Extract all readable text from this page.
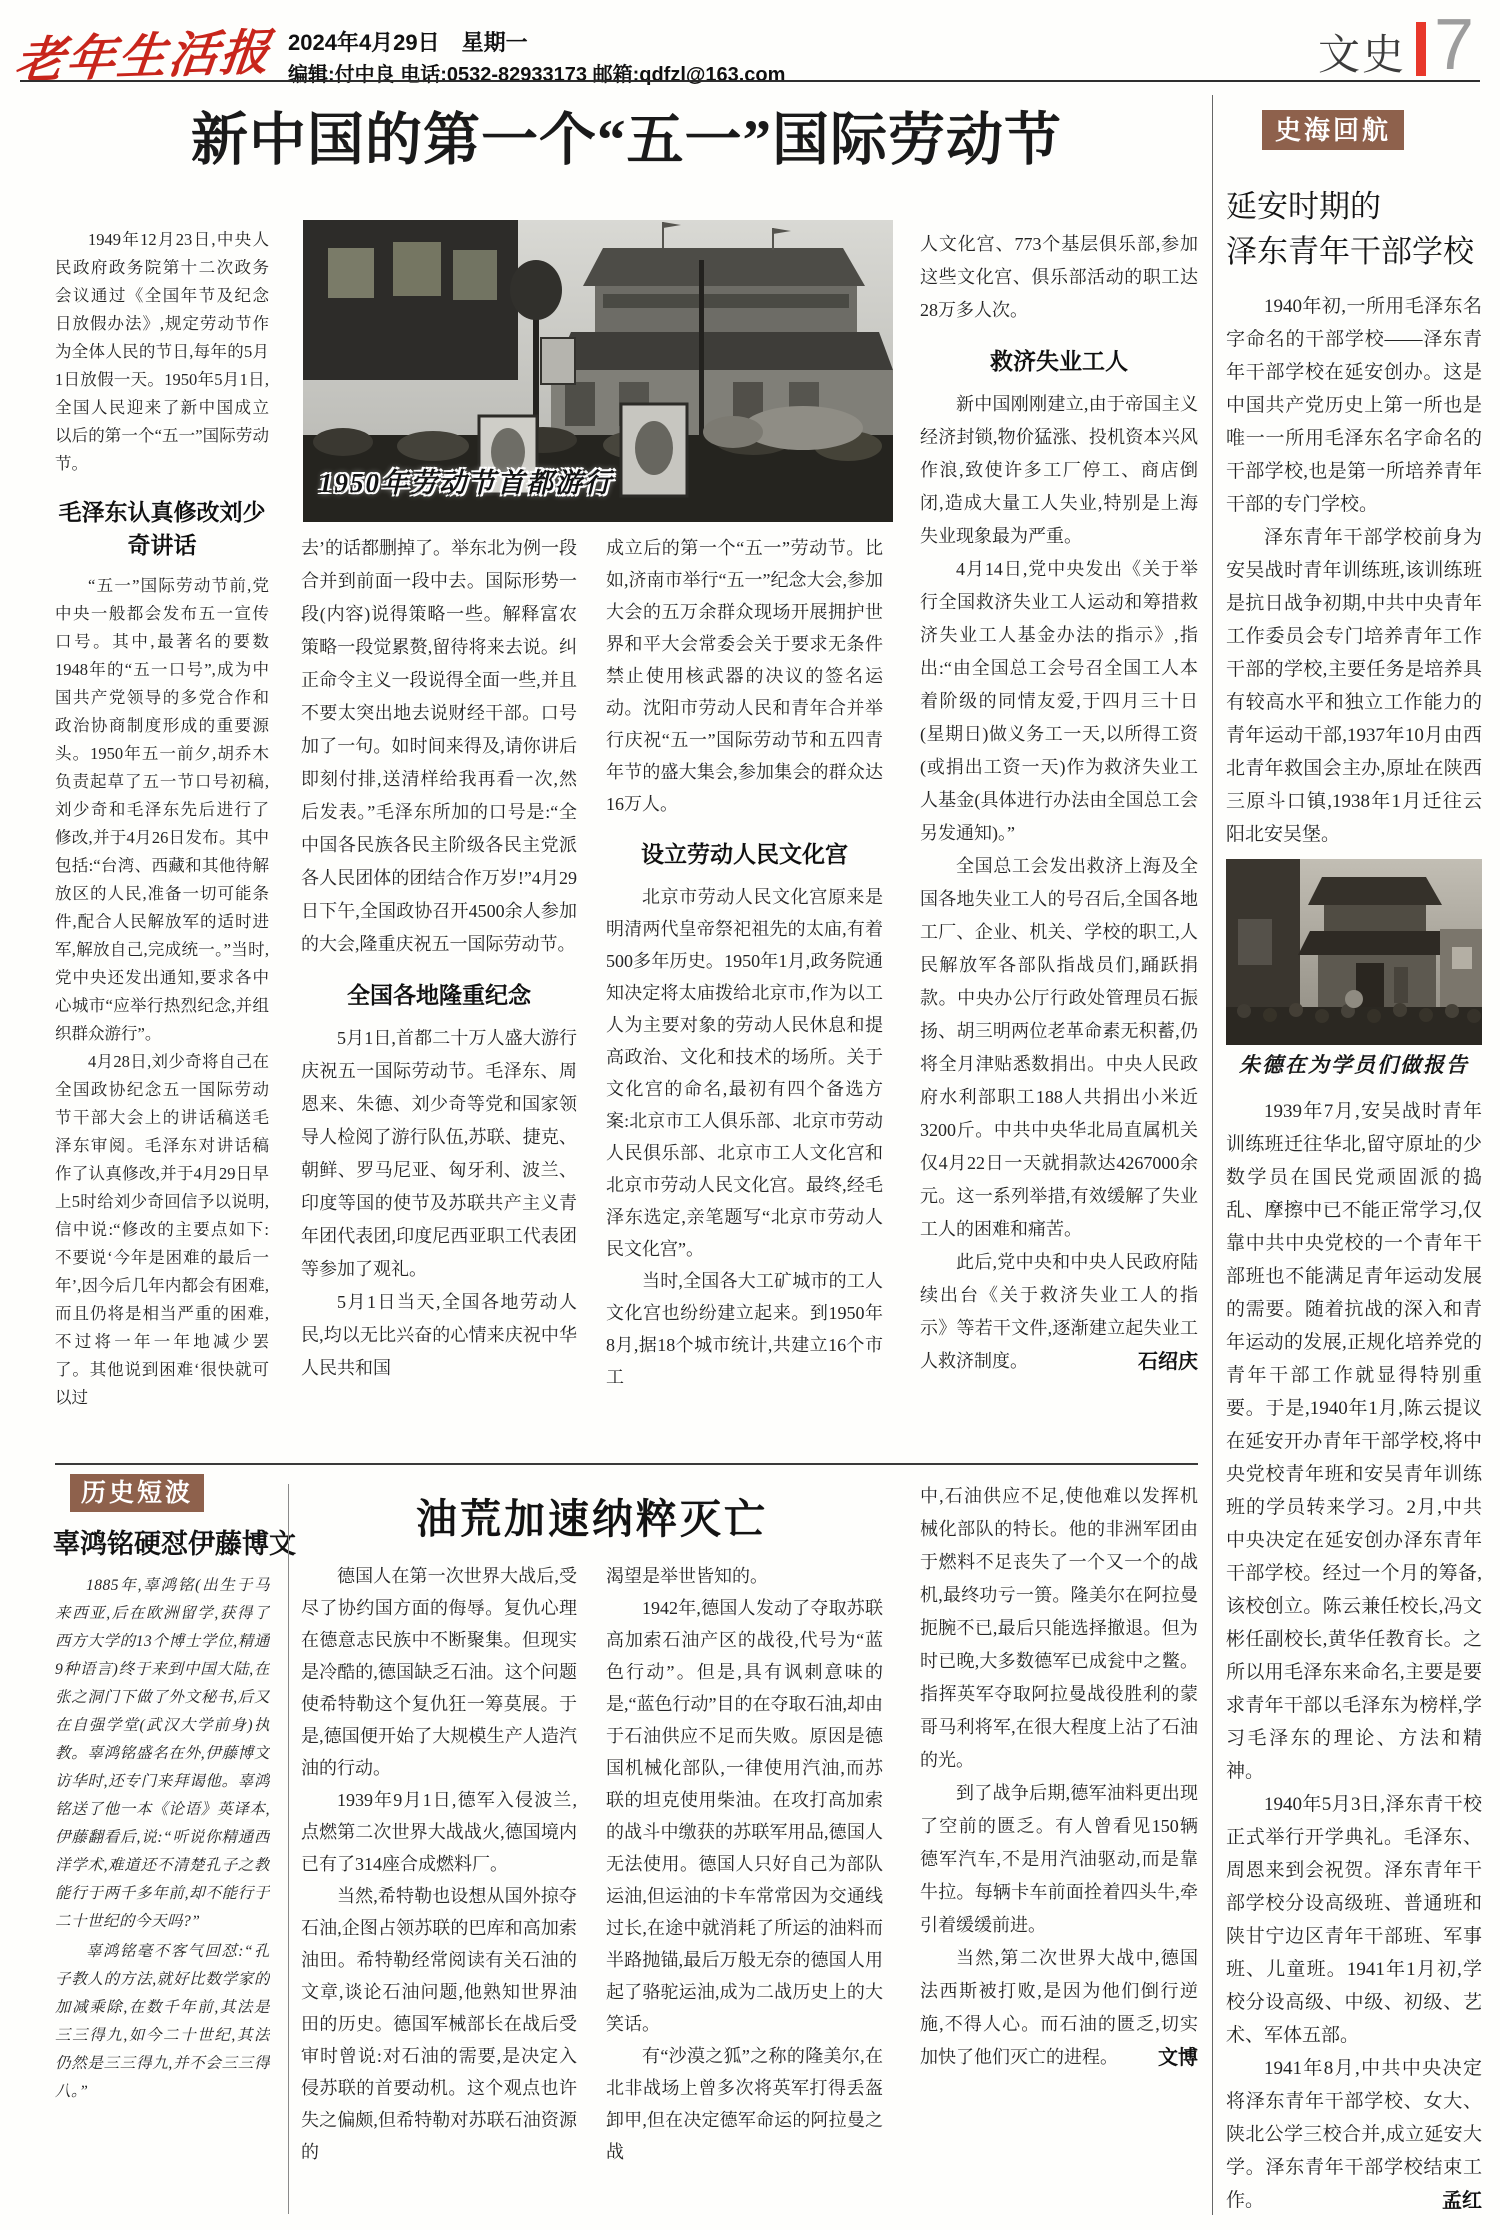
老年生活报 2024年4月29日　星期一
编辑:付中良 电话:0532-82933173 邮箱:qdfzl@163.com	文史 7
新中国的第一个“五一”国际劳动节
1950年劳动节首都游行

1949年12月23日,中央人民政府政务院第十二次政务会议通过《全国年节及纪念日放假办法》,规定劳动节作为全体人民的节日,每年的5月1日放假一天。1950年5月1日,全国人民迎来了新中国成立以后的第一个“五一”国际劳动节。

毛泽东认真修改刘少奇讲话

“五一”国际劳动节前,党中央一般都会发布五一宣传口号。其中,最著名的要数1948年的“五一口号”,成为中国共产党领导的多党合作和政治协商制度形成的重要源头。1950年五一前夕,胡乔木负责起草了五一节口号初稿,刘少奇和毛泽东先后进行了修改,并于4月26日发布。其中包括:“台湾、西藏和其他待解放区的人民,准备一切可能条件,配合人民解放军的适时进军,解放自己,完成统一。”当时,党中央还发出通知,要求各中心城市“应举行热烈纪念,并组织群众游行”。

4月28日,刘少奇将自己在全国政协纪念五一国际劳动节干部大会上的讲话稿送毛泽东审阅。毛泽东对讲话稿作了认真修改,并于4月29日早上5时给刘少奇回信予以说明,信中说:“修改的主要点如下:不要说‘今年是困难的最后一年’,因今后几年内都会有困难,而且仍将是相当严重的困难,不过将一年一年地减少罢了。其他说到困难‘很快就可以过

去’的话都删掉了。举东北为例一段合并到前面一段中去。国际形势一段(内容)说得策略一些。解释富农策略一段觉累赘,留待将来去说。纠正命令主义一段说得全面一些,并且不要太突出地去说财经干部。口号加了一句。如时间来得及,请你讲后即刻付排,送清样给我再看一次,然后发表。”毛泽东所加的口号是:“全中国各民族各民主阶级各民主党派各人民团体的团结合作万岁!”4月29日下午,全国政协召开4500余人参加的大会,隆重庆祝五一国际劳动节。

全国各地隆重纪念

5月1日,首都二十万人盛大游行庆祝五一国际劳动节。毛泽东、周恩来、朱德、刘少奇等党和国家领导人检阅了游行队伍,苏联、捷克、朝鲜、罗马尼亚、匈牙利、波兰、印度等国的使节及苏联共产主义青年团代表团,印度尼西亚职工代表团等参加了观礼。

5月1日当天,全国各地劳动人民,均以无比兴奋的心情来庆祝中华人民共和国

成立后的第一个“五一”劳动节。比如,济南市举行“五一”纪念大会,参加大会的五万余群众现场开展拥护世界和平大会常委会关于要求无条件禁止使用核武器的决议的签名运动。沈阳市劳动人民和青年合并举行庆祝“五一”国际劳动节和五四青年节的盛大集会,参加集会的群众达16万人。

设立劳动人民文化宫

北京市劳动人民文化宫原来是明清两代皇帝祭祀祖先的太庙,有着500多年历史。1950年1月,政务院通知决定将太庙拨给北京市,作为以工人为主要对象的劳动人民休息和提高政治、文化和技术的场所。关于文化宫的命名,最初有四个备选方案:北京市工人俱乐部、北京市劳动人民俱乐部、北京市工人文化宫和北京市劳动人民文化宫。最终,经毛泽东选定,亲笔题写“北京市劳动人民文化宫”。

当时,全国各大工矿城市的工人文化宫也纷纷建立起来。到1950年8月,据18个城市统计,共建立16个市工

人文化宫、773个基层俱乐部,参加这些文化宫、俱乐部活动的职工达28万多人次。

救济失业工人

新中国刚刚建立,由于帝国主义经济封锁,物价猛涨、投机资本兴风作浪,致使许多工厂停工、商店倒闭,造成大量工人失业,特别是上海失业现象最为严重。

4月14日,党中央发出《关于举行全国救济失业工人运动和筹措救济失业工人基金办法的指示》,指出:“由全国总工会号召全国工人本着阶级的同情友爱,于四月三十日(星期日)做义务工一天,以所得工资(或捐出工资一天)作为救济失业工人基金(具体进行办法由全国总工会另发通知)。”

全国总工会发出救济上海及全国各地失业工人的号召后,全国各地工厂、企业、机关、学校的职工,人民解放军各部队指战员们,踊跃捐款。中央办公厅行政处管理员石振扬、胡三明两位老革命素无积蓄,仍将全月津贴悉数捐出。中央人民政府水利部职工188人共捐出小米近3200斤。中共中央华北局直属机关仅4月22日一天就捐款达4267000余元。这一系列举措,有效缓解了失业工人的困难和痛苦。

此后,党中央和中央人民政府陆续出台《关于救济失业工人的指示》等若干文件,逐渐建立起失业工人救济制度。	石绍庆

历史短波
辜鸿铭硬怼伊藤博文

1885年,辜鸿铭(出生于马来西亚,后在欧洲留学,获得了西方大学的13个博士学位,精通9种语言)终于来到中国大陆,在张之洞门下做了外文秘书,后又在自强学堂(武汉大学前身)执教。辜鸿铭盛名在外,伊藤博文访华时,还专门来拜谒他。辜鸿铭送了他一本《论语》英译本,伊藤翻看后,说:“听说你精通西洋学术,难道还不清楚孔子之教能行于两千多年前,却不能行于二十世纪的今天吗?”

辜鸿铭毫不客气回怼:“孔子教人的方法,就好比数学家的加减乘除,在数千年前,其法是三三得九,如今二十世纪,其法仍然是三三得九,并不会三三得八。”

油荒加速纳粹灭亡

德国人在第一次世界大战后,受尽了协约国方面的侮辱。复仇心理在德意志民族中不断聚集。但现实是冷酷的,德国缺乏石油。这个问题使希特勒这个复仇狂一筹莫展。于是,德国便开始了大规模生产人造汽油的行动。

1939年9月1日,德军入侵波兰,点燃第二次世界大战战火,德国境内已有了314座合成燃料厂。

当然,希特勒也设想从国外掠夺石油,企图占领苏联的巴库和高加索油田。希特勒经常阅读有关石油的文章,谈论石油问题,他熟知世界油田的历史。德国军械部长在战后受审时曾说:对石油的需要,是决定入侵苏联的首要动机。这个观点也许失之偏颇,但希特勒对苏联石油资源的

渴望是举世皆知的。

1942年,德国人发动了夺取苏联高加索石油产区的战役,代号为“蓝色行动”。但是,具有讽刺意味的是,“蓝色行动”目的在夺取石油,却由于石油供应不足而失败。原因是德国机械化部队,一律使用汽油,而苏联的坦克使用柴油。在攻打高加索的战斗中缴获的苏联军用品,德国人无法使用。德国人只好自己为部队运油,但运油的卡车常常因为交通线过长,在途中就消耗了所运的油料而半路抛锚,最后万般无奈的德国人用起了骆驼运油,成为二战历史上的大笑话。

有“沙漠之狐”之称的隆美尔,在北非战场上曾多次将英军打得丢盔卸甲,但在决定德军命运的阿拉曼之战

中,石油供应不足,使他难以发挥机械化部队的特长。他的非洲军团由于燃料不足丧失了一个又一个的战机,最终功亏一篑。隆美尔在阿拉曼扼腕不已,最后只能选择撤退。但为时已晚,大多数德军已成瓮中之鳖。指挥英军夺取阿拉曼战役胜利的蒙哥马利将军,在很大程度上沾了石油的光。

到了战争后期,德军油料更出现了空前的匮乏。有人曾看见150辆德军汽车,不是用汽油驱动,而是靠牛拉。每辆卡车前面拴着四头牛,牵引着缓缓前进。

当然,第二次世界大战中,德国法西斯被打败,是因为他们倒行逆施,不得人心。而石油的匮乏,切实加快了他们灭亡的进程。	文博

史海回航
延安时期的
泽东青年干部学校

1940年初,一所用毛泽东名字命名的干部学校——泽东青年干部学校在延安创办。这是中国共产党历史上第一所也是唯一一所用毛泽东名字命名的干部学校,也是第一所培养青年干部的专门学校。

泽东青年干部学校前身为安吴战时青年训练班,该训练班是抗日战争初期,中共中央青年工作委员会专门培养青年工作干部的学校,主要任务是培养具有较高水平和独立工作能力的青年运动干部,1937年10月由西北青年救国会主办,原址在陕西三原斗口镇,1938年1月迁往云阳北安吴堡。

朱德在为学员们做报告

1939年7月,安吴战时青年训练班迁往华北,留守原址的少数学员在国民党顽固派的捣乱、摩擦中已不能正常学习,仅靠中共中央党校的一个青年干部班也不能满足青年运动发展的需要。随着抗战的深入和青年运动的发展,正规化培养党的青年干部工作就显得特别重要。于是,1940年1月,陈云提议在延安开办青年干部学校,将中央党校青年班和安吴青年训练班的学员转来学习。2月,中共中央决定在延安创办泽东青年干部学校。经过一个月的筹备,该校创立。陈云兼任校长,冯文彬任副校长,黄华任教育长。之所以用毛泽东来命名,主要是要求青年干部以毛泽东为榜样,学习毛泽东的理论、方法和精神。

1940年5月3日,泽东青干校正式举行开学典礼。毛泽东、周恩来到会祝贺。泽东青年干部学校分设高级班、普通班和陕甘宁边区青年干部班、军事班、儿童班。1941年1月初,学校分设高级、中级、初级、艺术、军体五部。

1941年8月,中共中央决定将泽东青年干部学校、女大、陕北公学三校合并,成立延安大学。泽东青年干部学校结束工作。	孟红
